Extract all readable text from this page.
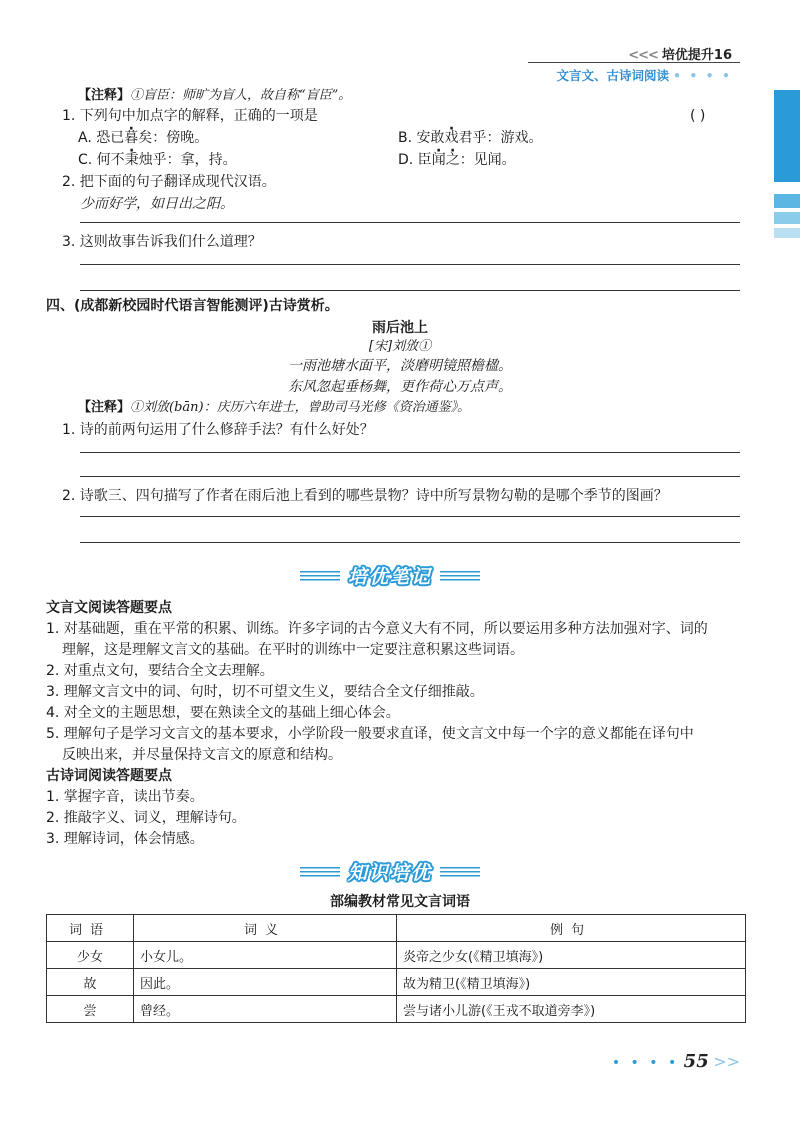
<<< 培优提升16
文言文、古诗词阅读 • • • •
【注释】①盲臣：师旷为盲人，故自称“盲臣”。
1. 下列句中加点字的解释，正确的一项是	( )
A. 恐已暮矣：傍晚。	B. 安敢戏君乎：游戏。
C. 何不秉烛乎：拿，持。	D. 臣闻之：见闻。
2. 把下面的句子翻译成现代汉语。
少而好学，如日出之阳。
3. 这则故事告诉我们什么道理？
四、(成都新校园时代语言智能测评)古诗赏析。
雨后池上
[宋]刘攽①
一雨池塘水面平，淡磨明镜照檐楹。
东风忽起垂杨舞，更作荷心万点声。
【注释】①刘攽(bān)：庆历六年进士，曾助司马光修《资治通鉴》。
1. 诗的前两句运用了什么修辞手法？有什么好处？
2. 诗歌三、四句描写了作者在雨后池上看到的哪些景物？诗中所写景物勾勒的是哪个季节的图画？
培优笔记
文言文阅读答题要点
1. 对基础题，重在平常的积累、训练。许多字词的古今意义大有不同，所以要运用多种方法加强对字、词的
理解，这是理解文言文的基础。在平时的训练中一定要注意积累这些词语。
2. 对重点文句，要结合全文去理解。
3. 理解文言文中的词、句时，切不可望文生义，要结合全文仔细推敲。
4. 对全文的主题思想，要在熟读全文的基础上细心体会。
5. 理解句子是学习文言文的基本要求，小学阶段一般要求直译，使文言文中每一个字的意义都能在译句中
反映出来，并尽量保持文言文的原意和结构。
古诗词阅读答题要点
1. 掌握字音，读出节奏。
2. 推敲字义、词义，理解诗句。
3. 理解诗词，体会情感。
知识培优
部编教材常见文言词语
词语	词义	例句
少女	小女儿。	炎帝之少女(《精卫填海》)
故	因此。	故为精卫(《精卫填海》)
尝	曾经。	尝与诸小儿游(《王戎不取道旁李》)
• • • • 55 >>
